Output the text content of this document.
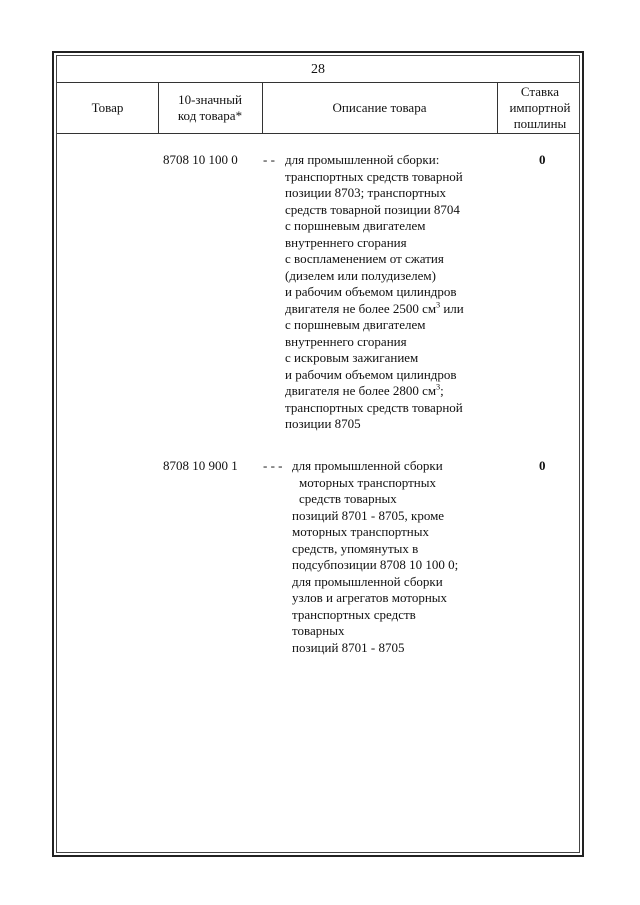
28
Товар
10-значный
код товара*
Описание товара
Ставка
импортной
пошлины
8708 10 100 0 - - для промышленной сборки:
транспортных средств товарной
позиции 8703; транспортных
средств товарной позиции 8704
с поршневым двигателем
внутреннего сгорания
с воспламенением от сжатия
(дизелем или полудизелем)
и рабочим объемом цилиндров
двигателя не более 2500 $см^3$ или
с поршневым двигателем
внутреннего сгорания
с искровым зажиганием
и рабочим объемом цилиндров
двигателя не более 2800 $см^3$;
транспортных средств товарной
позиции 8705
0
8708 10 900 1 - - - для промышленной сборки
моторных транспортных
средств товарных
позиций 8701 - 8705, кроме
моторных транспортных
средств, упомянутых в
подсубпозиции 8708 10 100 0;
для промышленной сборки
узлов и агрегатов моторных
транспортных средств
товарных
позиций 8701 - 8705
0
